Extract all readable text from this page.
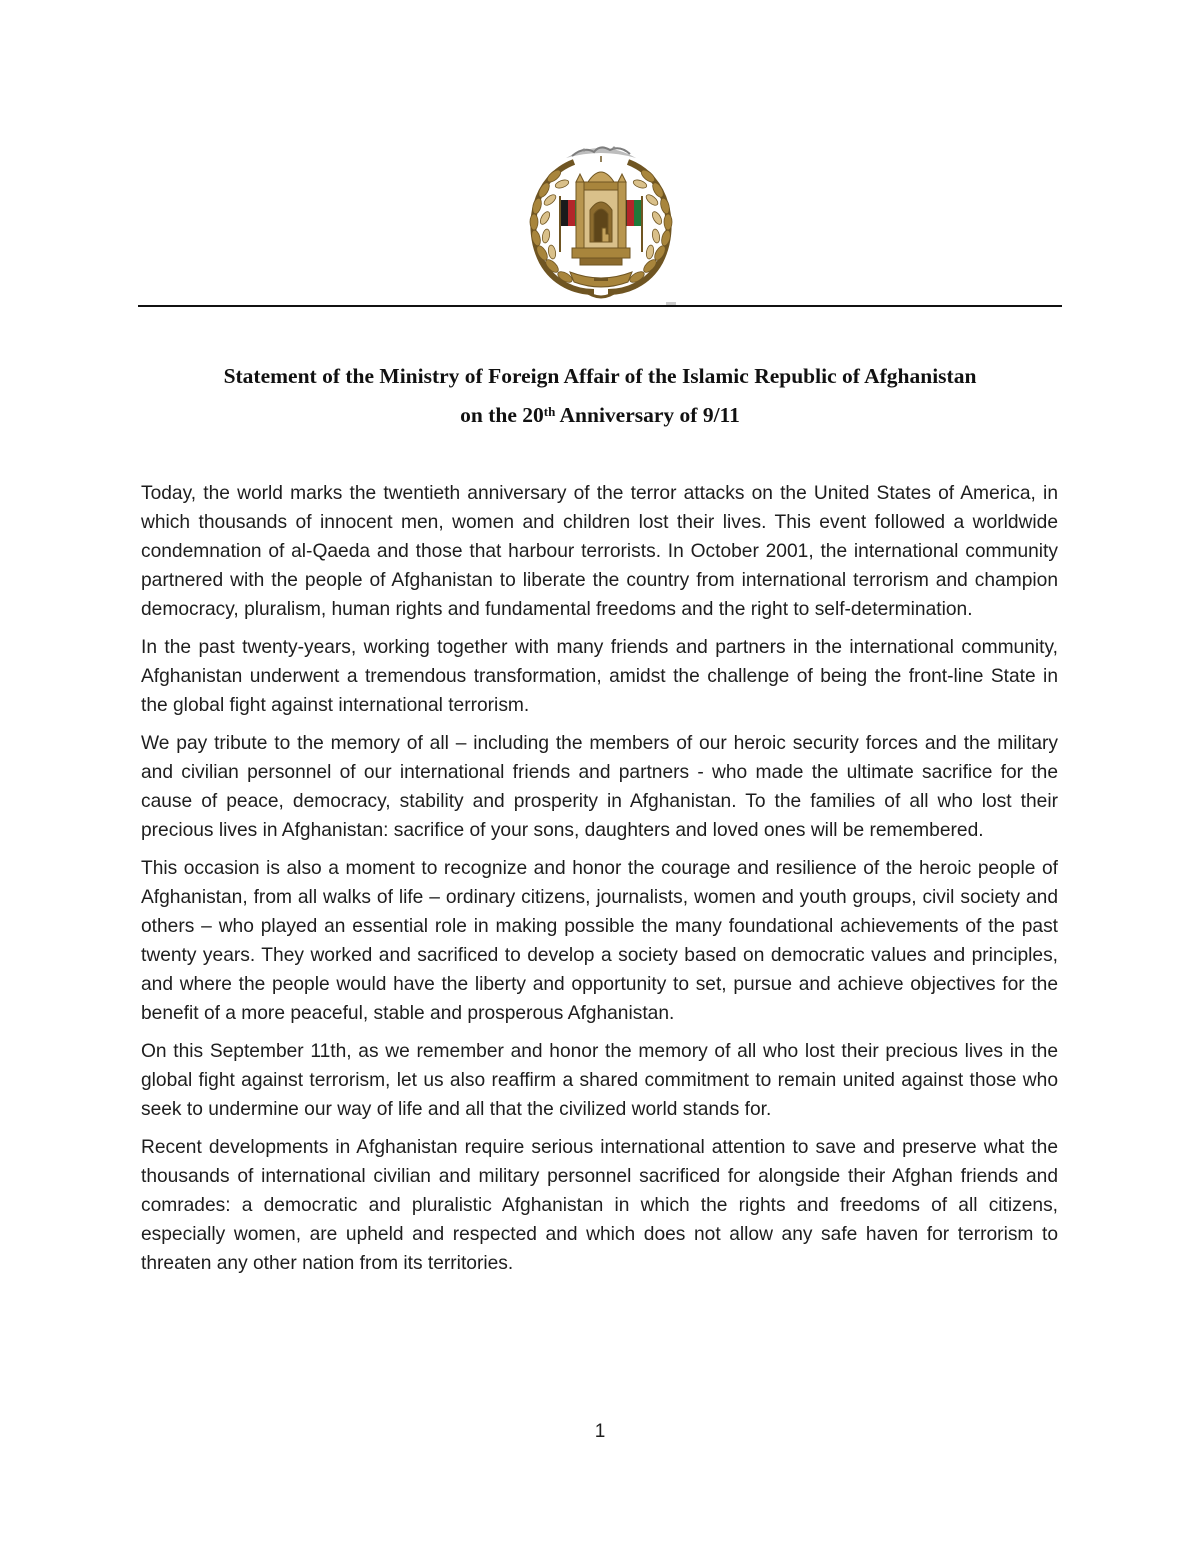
Statement of the Ministry of Foreign Affair of the Islamic Republic of Afghanistan
on the 20th Anniversary of 9/11

Today, the world marks the twentieth anniversary of the terror attacks on the United States of America, in which thousands of innocent men, women and children lost their lives. This event followed a worldwide condemnation of al-Qaeda and those that harbour terrorists. In October 2001, the international community partnered with the people of Afghanistan to liberate the country from international terrorism and champion democracy, pluralism, human rights and fundamental freedoms and the right to self-determination.

In the past twenty-years, working together with many friends and partners in the international community, Afghanistan underwent a tremendous transformation, amidst the challenge of being the front-line State in the global fight against international terrorism.

We pay tribute to the memory of all – including the members of our heroic security forces and the military and civilian personnel of our international friends and partners - who made the ultimate sacrifice for the cause of peace, democracy, stability and prosperity in Afghanistan. To the families of all who lost their precious lives in Afghanistan: sacrifice of your sons, daughters and loved ones will be remembered.

This occasion is also a moment to recognize and honor the courage and resilience of the heroic people of Afghanistan, from all walks of life – ordinary citizens, journalists, women and youth groups, civil society and others – who played an essential role in making possible the many foundational achievements of the past twenty years. They worked and sacrificed to develop a society based on democratic values and principles, and where the people would have the liberty and opportunity to set, pursue and achieve objectives for the benefit of a more peaceful, stable and prosperous Afghanistan.

On this September 11th, as we remember and honor the memory of all who lost their precious lives in the global fight against terrorism, let us also reaffirm a shared commitment to remain united against those who seek to undermine our way of life and all that the civilized world stands for.

Recent developments in Afghanistan require serious international attention to save and preserve what the thousands of international civilian and military personnel sacrificed for alongside their Afghan friends and comrades: a democratic and pluralistic Afghanistan in which the rights and freedoms of all citizens, especially women, are upheld and respected and which does not allow any safe haven for terrorism to threaten any other nation from its territories.

1
